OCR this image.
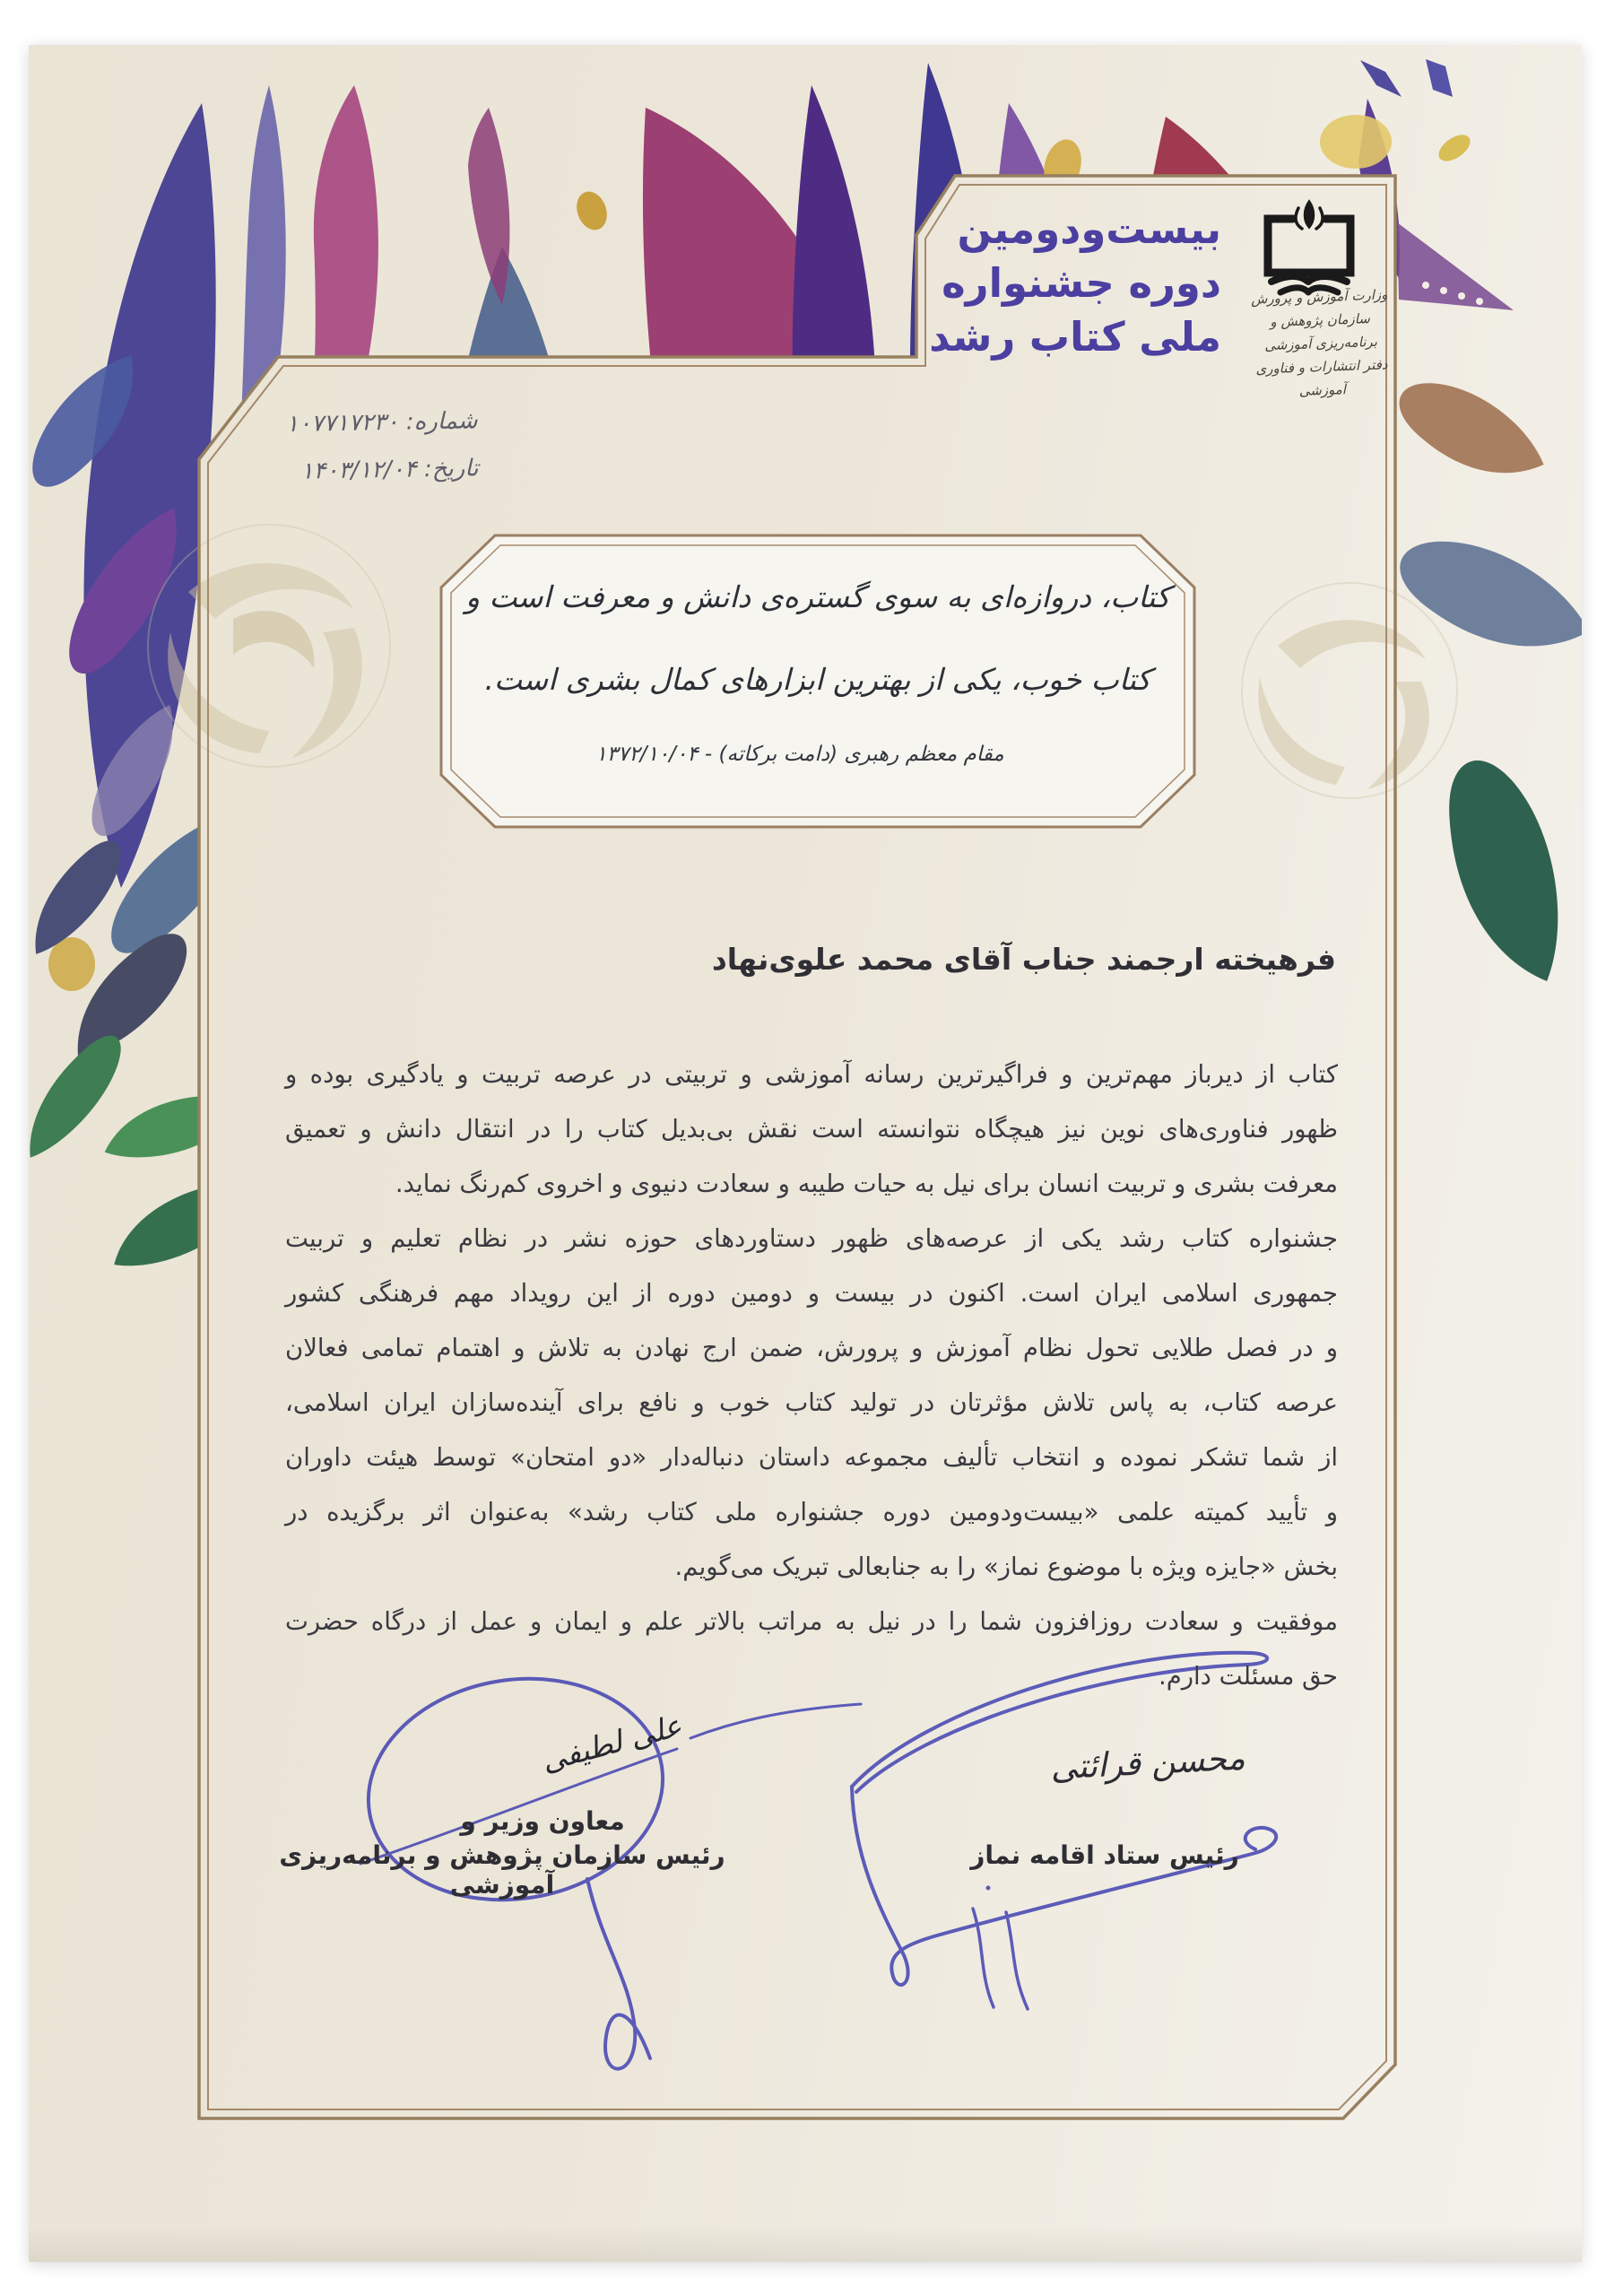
بیست‌ودومین
دوره جشنواره
ملی کتاب رشد
وزارت آموزش و پرورش
سازمان پژوهش و برنامه‌ریزی آموزشی
دفتر انتشارات و فناوری آموزشی
شماره: ۱۰۷۷۱۷۲۳۰
تاریخ: ۱۴۰۳/۱۲/۰۴
کتاب، دروازه‌ای به سوی گستره‌ی دانش و معرفت است و
کتاب خوب، یکی از بهترین ابزارهای کمال بشری است.
مقام معظم رهبری (دامت برکاته) - ۱۳۷۲/۱۰/۰۴
فرهیخته ارجمند جناب آقای محمد علوی‌نهاد
کتاب از دیرباز مهم‌ترین و فراگیرترین رسانه آموزشی و تربیتی در عرصه تربیت و یادگیری بوده و
ظهور فناوری‌های نوین نیز هیچگاه نتوانسته است نقش بی‌بدیل کتاب را در انتقال دانش و تعمیق
معرفت بشری و تربیت انسان برای نیل به حیات طیبه و سعادت دنیوی و اخروی کم‌رنگ نماید.
جشنواره کتاب رشد یکی از عرصه‌های ظهور دستاوردهای حوزه نشر در نظام تعلیم و تربیت
جمهوری اسلامی ایران است. اکنون در بیست و دومین دوره از این رویداد مهم فرهنگی کشور
و در فصل طلایی تحول نظام آموزش و پرورش، ضمن ارج نهادن به تلاش و اهتمام تمامی فعالان
عرصه کتاب، به پاس تلاش مؤثرتان در تولید کتاب خوب و نافع برای آینده‌سازان ایران اسلامی،
از شما تشکر نموده و انتخاب تألیف مجموعه داستان دنباله‌دار «دو امتحان» توسط هیئت داوران
و تأیید کمیته علمی «بیست‌ودومین دوره جشنواره ملی کتاب رشد» به‌عنوان اثر برگزیده در
بخش «جایزه ویژه با موضوع نماز» را به جنابعالی تبریک می‌گویم.
موفقیت و سعادت روزافزون شما را در نیل به مراتب بالاتر علم و ایمان و عمل از درگاه حضرت
حق مسئلت دارم.
علی لطیفی	محسن قرائتی
معاون وزیر و
رئیس سازمان پژوهش و برنامه‌ریزی آموزشی
رئیس ستاد اقامه نماز
